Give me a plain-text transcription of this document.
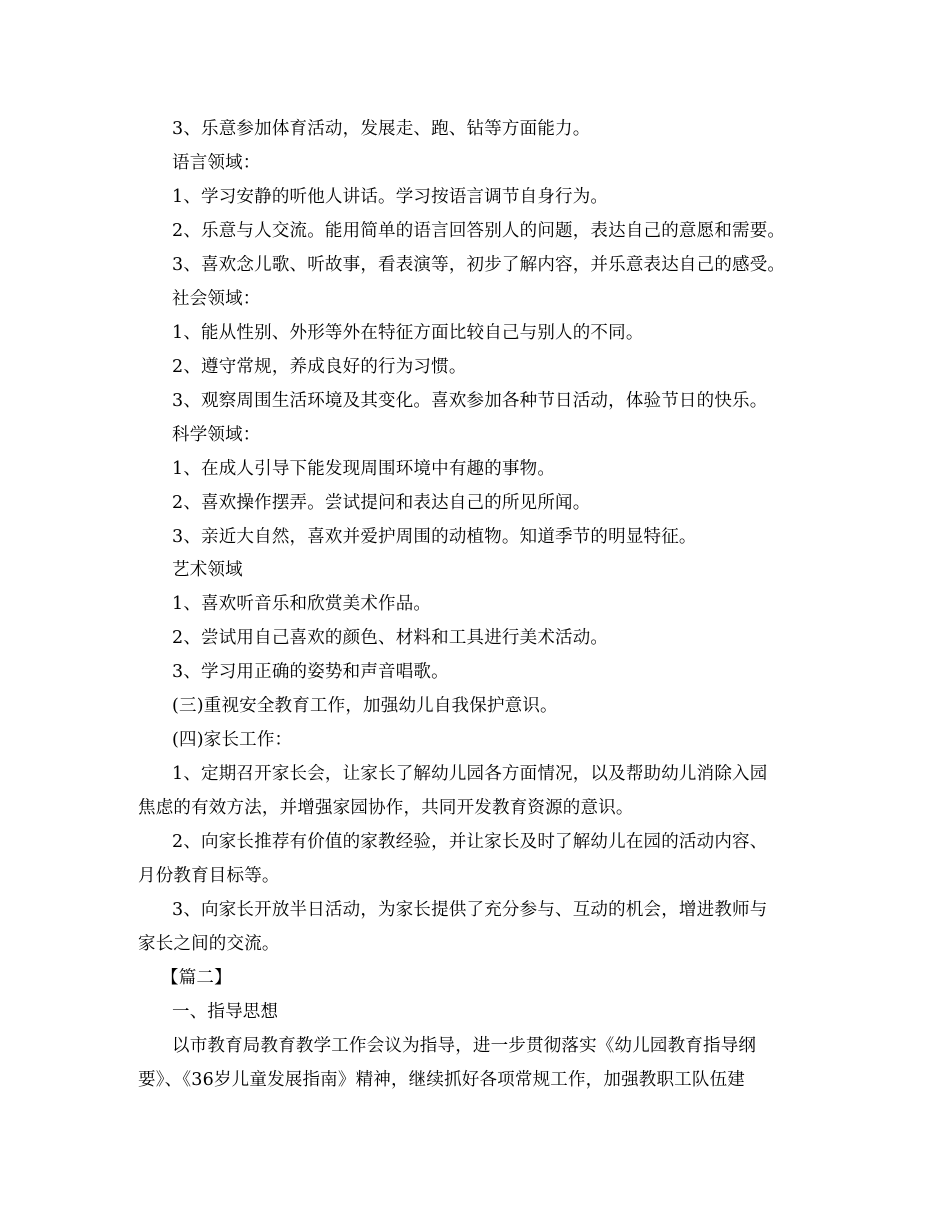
3、乐意参加体育活动，发展走、跑、钻等方面能力。
语言领域：
1、学习安静的听他人讲话。学习按语言调节自身行为。
2、乐意与人交流。能用简单的语言回答别人的问题，表达自己的意愿和需要。
3、喜欢念儿歌、听故事，看表演等，初步了解内容，并乐意表达自己的感受。
社会领域：
1、能从性别、外形等外在特征方面比较自己与别人的不同。
2、遵守常规，养成良好的行为习惯。
3、观察周围生活环境及其变化。喜欢参加各种节日活动，体验节日的快乐。
科学领域：
1、在成人引导下能发现周围环境中有趣的事物。
2、喜欢操作摆弄。尝试提问和表达自己的所见所闻。
3、亲近大自然，喜欢并爱护周围的动植物。知道季节的明显特征。
艺术领域
1、喜欢听音乐和欣赏美术作品。
2、尝试用自己喜欢的颜色、材料和工具进行美术活动。
3、学习用正确的姿势和声音唱歌。
(三)重视安全教育工作，加强幼儿自我保护意识。
(四)家长工作：
1、定期召开家长会，让家长了解幼儿园各方面情况，以及帮助幼儿消除入园
焦虑的有效方法，并增强家园协作，共同开发教育资源的意识。
2、向家长推荐有价值的家教经验，并让家长及时了解幼儿在园的活动内容、
月份教育目标等。
3、向家长开放半日活动，为家长提供了充分参与、互动的机会，增进教师与
家长之间的交流。
【篇二】
一、指导思想
以市教育局教育教学工作会议为指导，进一步贯彻落实《幼儿园教育指导纲
要》、《36岁儿童发展指南》精神，继续抓好各项常规工作，加强教职工队伍建
